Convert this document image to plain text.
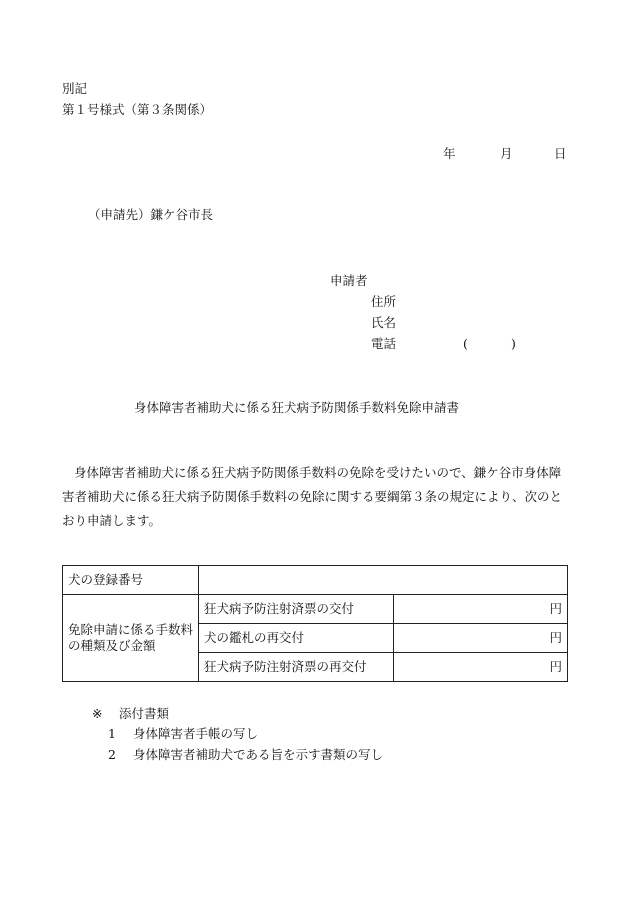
別記
第１号様式（第３条関係）
年	月	日
（申請先）鎌ケ谷市長
申請者
住所
氏名
電話	(	)
身体障害者補助犬に係る狂犬病予防関係手数料免除申請書
身体障害者補助犬に係る狂犬病予防関係手数料の免除を受けたいので、鎌ケ谷市身体障害者補助犬に係る狂犬病予防関係手数料の免除に関する要綱第３条の規定により、次のとおり申請します。
犬の登録番号		
免除申請に係る手数料の種類及び金額	狂犬病予防注射済票の交付	円
	犬の鑑札の再交付	円
	狂犬病予防注射済票の再交付	円
※ 添付書類
1 身体障害者手帳の写し
2 身体障害者補助犬である旨を示す書類の写し
